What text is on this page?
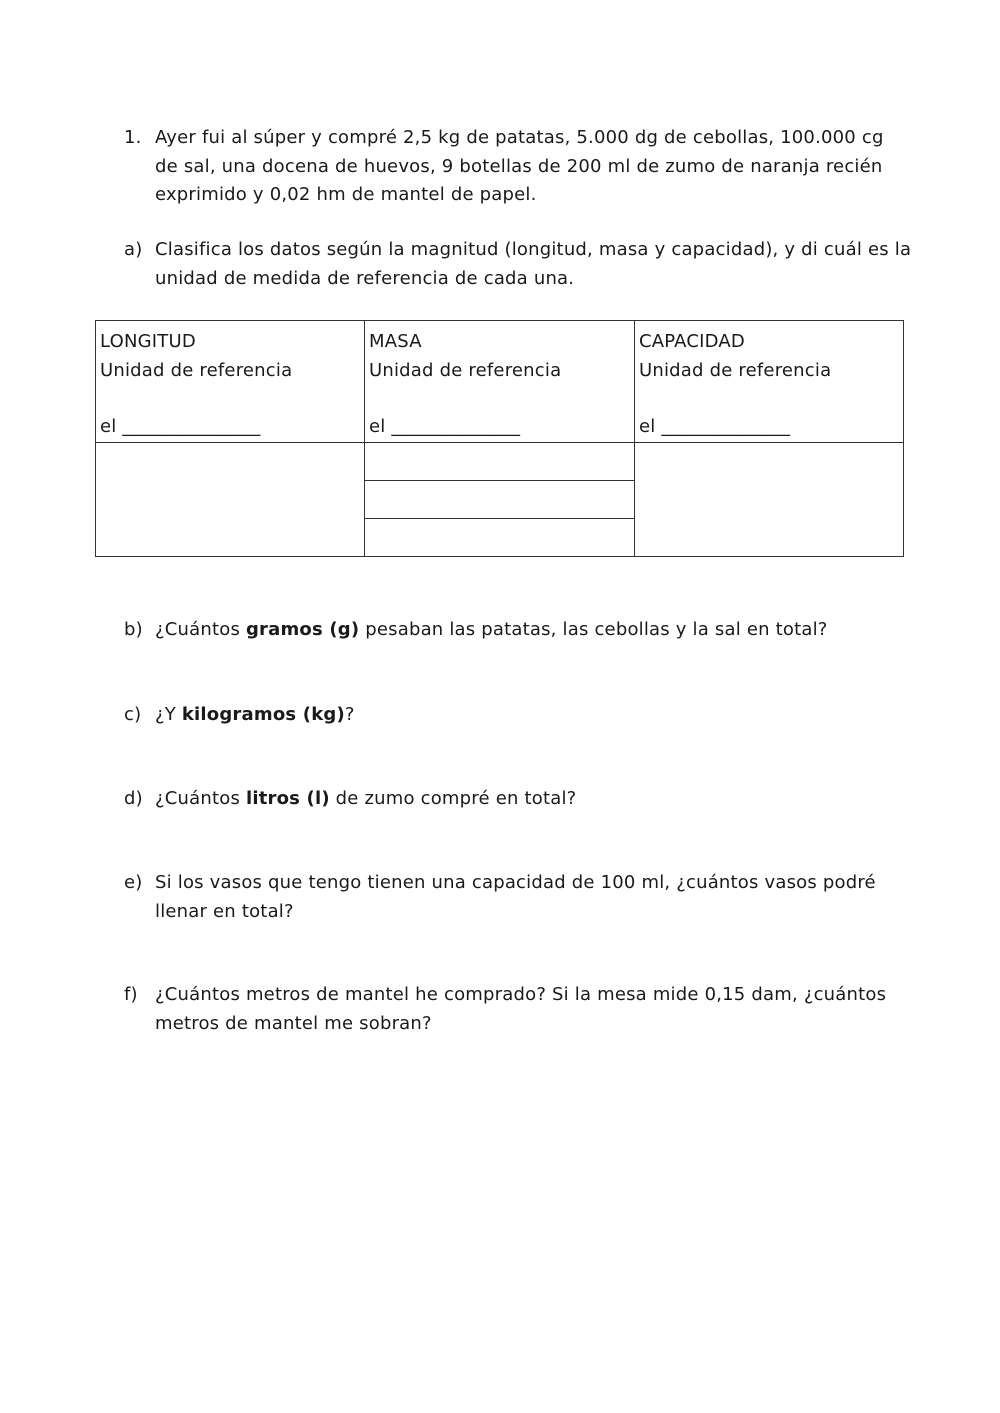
1. Ayer fui al súper y compré 2,5 kg de patatas, 5.000 dg de cebollas, 100.000 cg
de sal, una docena de huevos, 9 botellas de 200 ml de zumo de naranja recién
exprimido y 0,02 hm de mantel de papel.
a) Clasifica los datos según la magnitud (longitud, masa y capacidad), y di cuál es la
unidad de medida de referencia de cada una.
LONGITUD
Unidad de referencia
el _______________
MASA
Unidad de referencia
el ______________
CAPACIDAD
Unidad de referencia
el ______________
b) ¿Cuántos gramos (g) pesaban las patatas, las cebollas y la sal en total?
c) ¿Y kilogramos (kg)?
d) ¿Cuántos litros (l) de zumo compré en total?
e) Si los vasos que tengo tienen una capacidad de 100 ml, ¿cuántos vasos podré
llenar en total?
f) ¿Cuántos metros de mantel he comprado? Si la mesa mide 0,15 dam, ¿cuántos
metros de mantel me sobran?
